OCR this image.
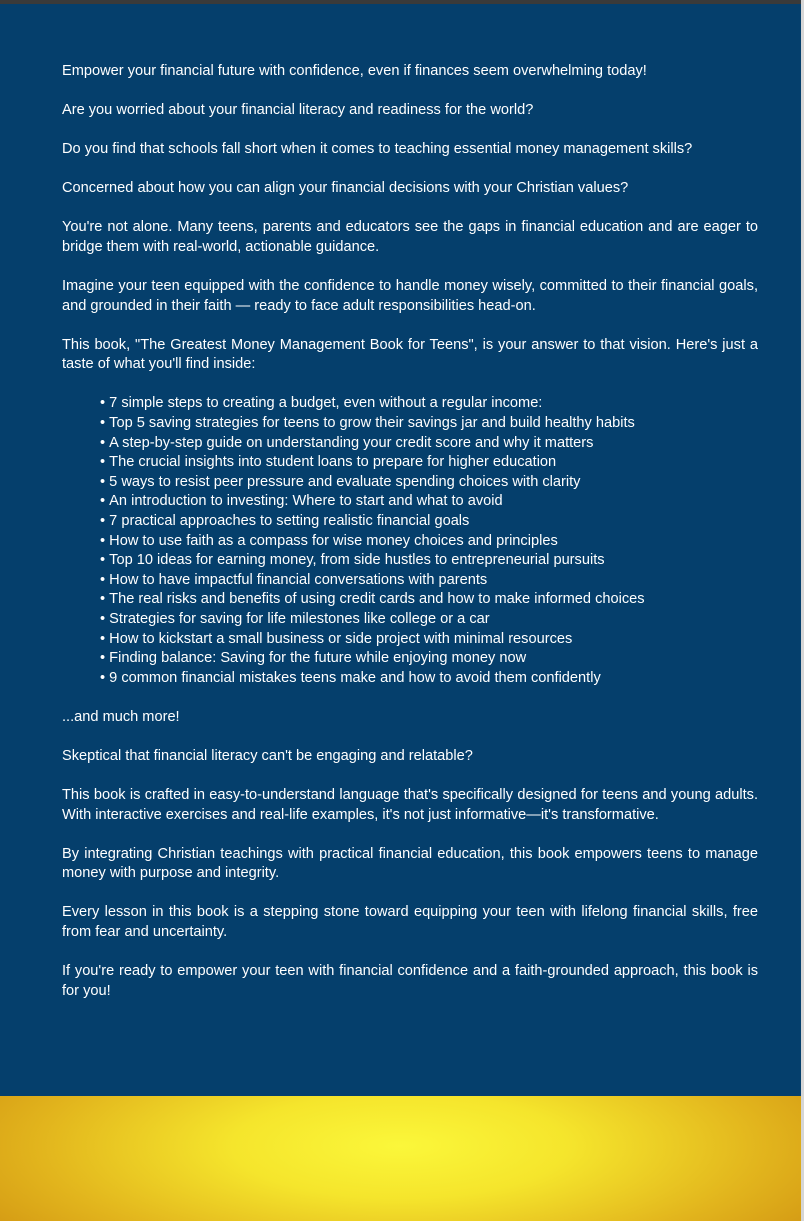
Empower your financial future with confidence, even if finances seem overwhelming today!

Are you worried about your financial literacy and readiness for the world?

Do you find that schools fall short when it comes to teaching essential money management skills?

Concerned about how you can align your financial decisions with your Christian values?

You're not alone. Many teens, parents and educators see the gaps in financial education and are eager to bridge them with real-world, actionable guidance.

Imagine your teen equipped with the confidence to handle money wisely, committed to their financial goals, and grounded in their faith — ready to face adult responsibilities head-on.

This book, "The Greatest Money Management Book for Teens", is your answer to that vision. Here's just a taste of what you'll find inside:

• 7 simple steps to creating a budget, even without a regular income:
• Top 5 saving strategies for teens to grow their savings jar and build healthy habits
• A step-by-step guide on understanding your credit score and why it matters
• The crucial insights into student loans to prepare for higher education
• 5 ways to resist peer pressure and evaluate spending choices with clarity
• An introduction to investing: Where to start and what to avoid
• 7 practical approaches to setting realistic financial goals
• How to use faith as a compass for wise money choices and principles
• Top 10 ideas for earning money, from side hustles to entrepreneurial pursuits
• How to have impactful financial conversations with parents
• The real risks and benefits of using credit cards and how to make informed choices
• Strategies for saving for life milestones like college or a car
• How to kickstart a small business or side project with minimal resources
• Finding balance: Saving for the future while enjoying money now
• 9 common financial mistakes teens make and how to avoid them confidently

...and much more!

Skeptical that financial literacy can't be engaging and relatable?

This book is crafted in easy-to-understand language that's specifically designed for teens and young adults. With interactive exercises and real-life examples, it's not just informative—it's transformative.

By integrating Christian teachings with practical financial education, this book empowers teens to manage money with purpose and integrity.

Every lesson in this book is a stepping stone toward equipping your teen with lifelong financial skills, free from fear and uncertainty.

If you're ready to empower your teen with financial confidence and a faith-grounded approach, this book is for you!
